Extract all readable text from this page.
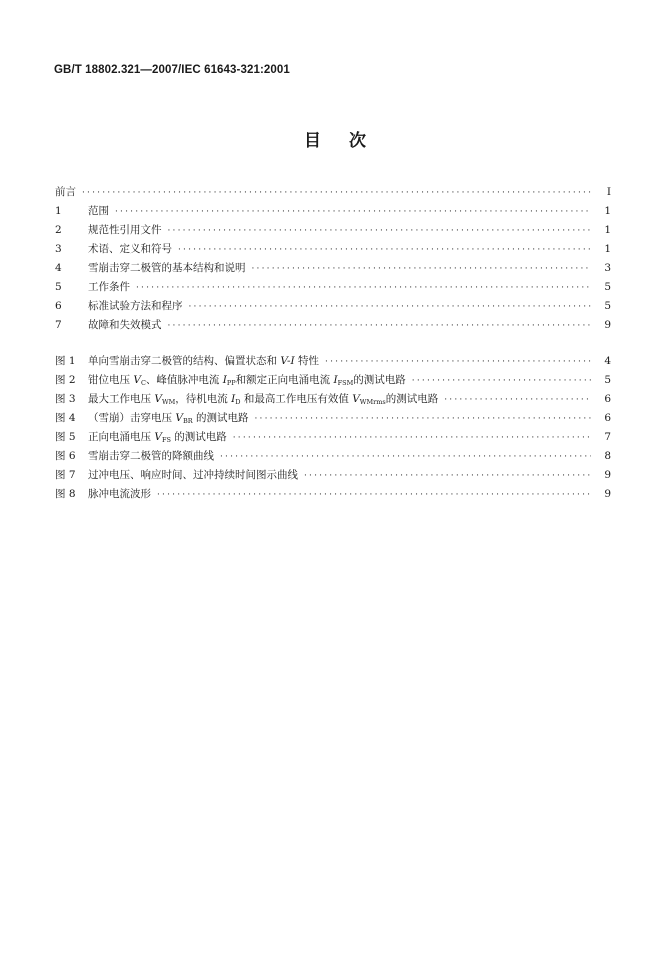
GB/T 18802.321—2007/IEC 61643-321:2001
目次
前言 ·····	I
1	范围 ·····	1
2	规范性引用文件 ·····	1
3	术语、定义和符号 ·····	1
4	雪崩击穿二极管的基本结构和说明 ·····	3
5	工作条件 ·····	5
6	标准试验方法和程序 ·····	5
7	故障和失效模式 ·····	9
图 1	单向雪崩击穿二极管的结构、偏置状态和 V-I 特性 ·····	4
图 2	钳位电压 $V_C$、峰值脉冲电流 $I_{PP}$和额定正向电涌电流 $I_{FSM}$的测试电路 ·····	5
图 3	最大工作电压 $V_{WM}$，待机电流 $I_D$ 和最高工作电压有效值 $V_{WMrms}$的测试电路 ·····	6
图 4	（雪崩）击穿电压 $V_{BR}$ 的测试电路 ·····	6
图 5	正向电涌电压 $V_{FS}$ 的测试电路 ·····	7
图 6	雪崩击穿二极管的降额曲线 ·····	8
图 7	过冲电压、响应时间、过冲持续时间图示曲线 ·····	9
图 8	脉冲电流波形 ·····	9
